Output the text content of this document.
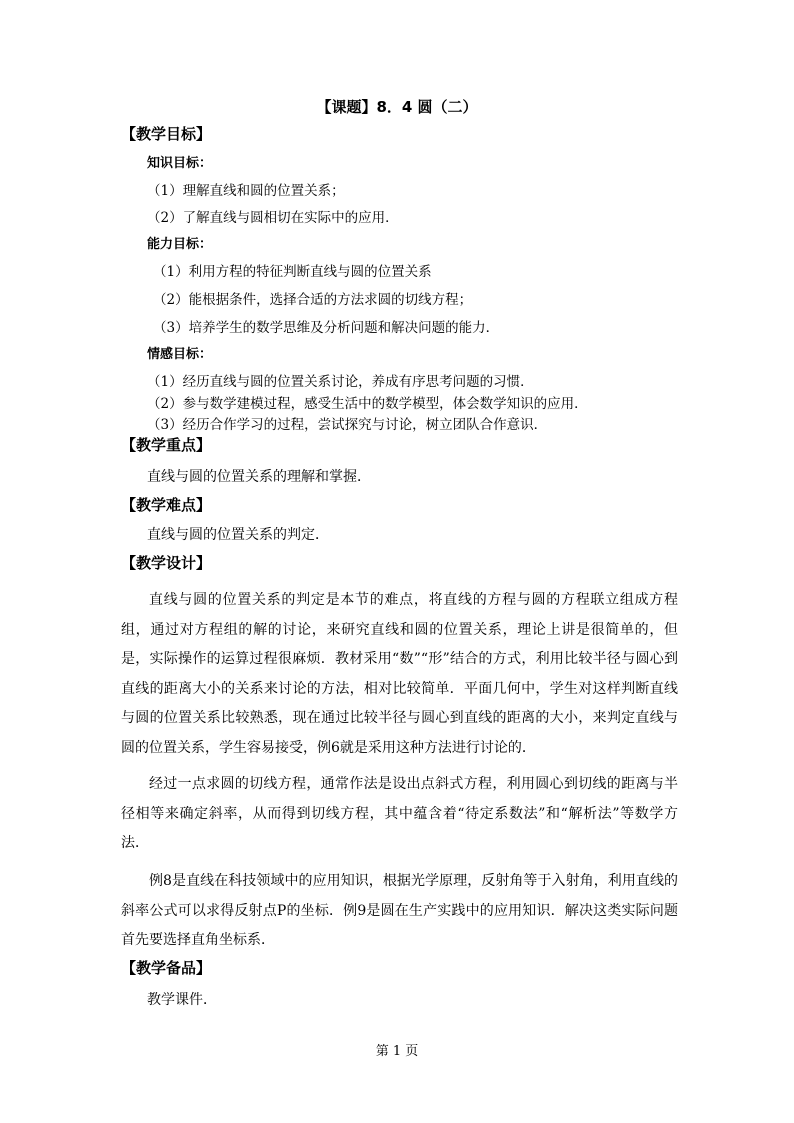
【课题】8．4 圆（二）
【教学目标】
知识目标：
（1）理解直线和圆的位置关系；
（2）了解直线与圆相切在实际中的应用．
能力目标：
（1）利用方程的特征判断直线与圆的位置关系
（2）能根据条件，选择合适的方法求圆的切线方程；
（3）培养学生的数学思维及分析问题和解决问题的能力．
情感目标：
（1）经历直线与圆的位置关系讨论，养成有序思考问题的习惯．
（2）参与数学建模过程，感受生活中的数学模型，体会数学知识的应用．
（3）经历合作学习的过程，尝试探究与讨论，树立团队合作意识．
【教学重点】
直线与圆的位置关系的理解和掌握．
【教学难点】
直线与圆的位置关系的判定．
【教学设计】
直线与圆的位置关系的判定是本节的难点，将直线的方程与圆的方程联立组成方程组，通过对方程组的解的讨论，来研究直线和圆的位置关系，理论上讲是很简单的，但是，实际操作的运算过程很麻烦．教材采用“数”“形”结合的方式，利用比较半径与圆心到直线的距离大小的关系来讨论的方法，相对比较简单．平面几何中，学生对这样判断直线与圆的位置关系比较熟悉，现在通过比较半径与圆心到直线的距离的大小，来判定直线与圆的位置关系，学生容易接受，例6就是采用这种方法进行讨论的．
经过一点求圆的切线方程，通常作法是设出点斜式方程，利用圆心到切线的距离与半径相等来确定斜率，从而得到切线方程，其中蕴含着“待定系数法”和“解析法”等数学方法．
例8是直线在科技领域中的应用知识，根据光学原理，反射角等于入射角，利用直线的斜率公式可以求得反射点P的坐标．例9是圆在生产实践中的应用知识．解决这类实际问题首先要选择直角坐标系．
【教学备品】
教学课件．
第 1 页
